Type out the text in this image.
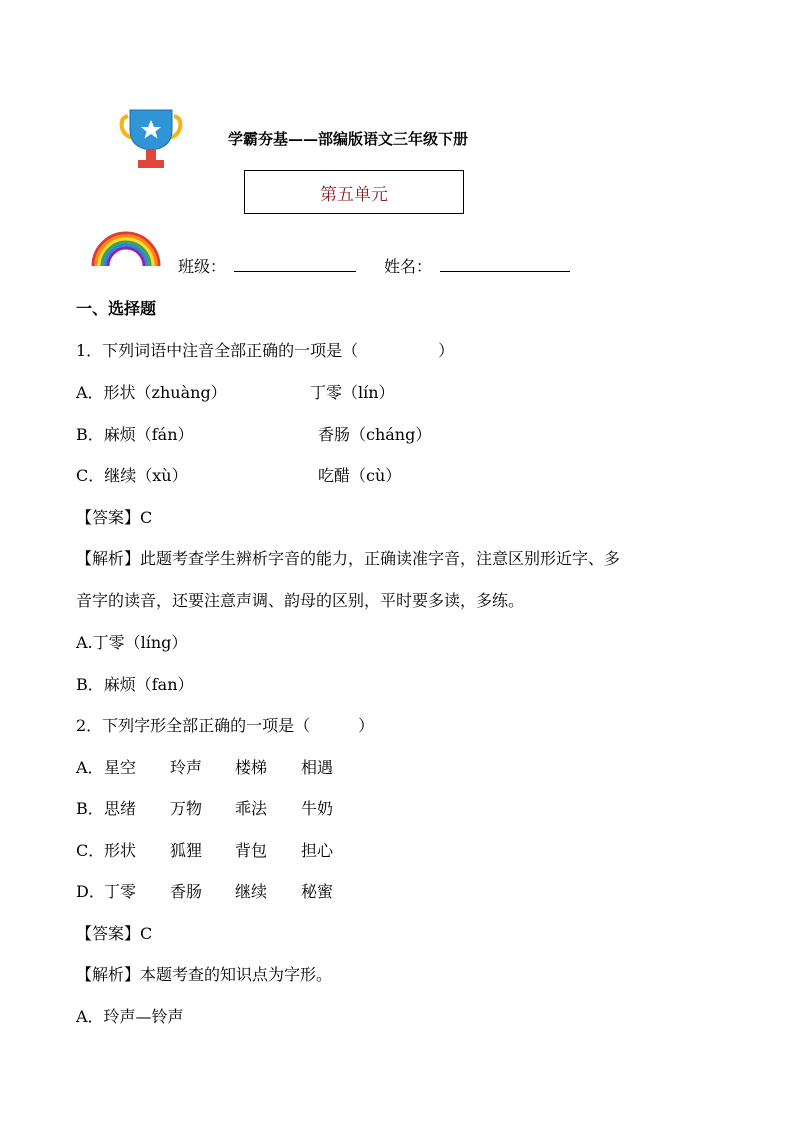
学霸夯基——部编版语文三年级下册
第五单元
班级：	姓名：
一、选择题
1．下列词语中注音全部正确的一项是（　　　　　）
A．形状（zhuàng）	丁零（lín）
B．麻烦（fán）	香肠（cháng）
C．继续（xù）	吃醋（cù）
【答案】C
【解析】此题考查学生辨析字音的能力，正确读准字音，注意区别形近字、多
音字的读音，还要注意声调、韵母的区别，平时要多读，多练。
A.丁零（líng）
B．麻烦（fan）
2．下列字形全部正确的一项是（　　　）
A． 星空 玲声 楼梯 相遇
B． 思绪 万物 乖法 牛奶
C． 形状 狐狸 背包 担心
D． 丁零 香肠 继续 秘蜜
【答案】C
【解析】本题考查的知识点为字形。
A．玲声—铃声
